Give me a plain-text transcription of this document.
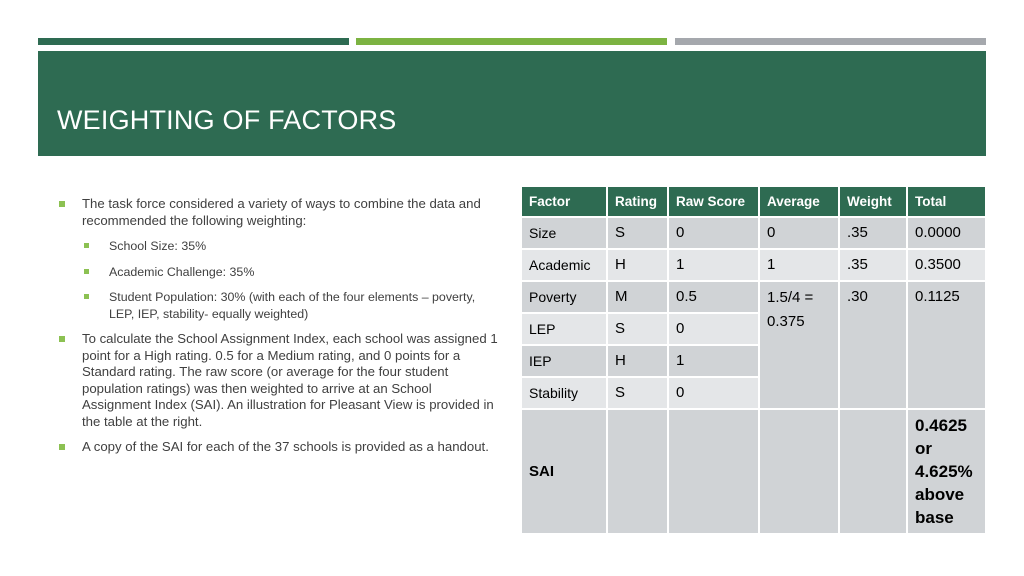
WEIGHTING OF FACTORS
The task force considered a variety of ways to combine the data and recommended the following weighting:
School Size: 35%
Academic Challenge: 35%
Student Population: 30% (with each of the four elements – poverty, LEP, IEP, stability- equally weighted)
To calculate the School Assignment Index, each school was assigned 1 point for a High rating. 0.5 for a Medium rating, and 0 points for a Standard rating. The raw score (or average for the four student population ratings) was then weighted to arrive at an School Assignment Index (SAI). An illustration for Pleasant View is provided in the table at the right.
A copy of the SAI for each of the 37 schools is provided as a handout.
Factor	Rating	Raw Score	Average	Weight	Total
Size	S	0	0	.35	0.0000
Academic	H	1	1	.35	0.3500
Poverty	M	0.5	1.5/4 = 0.375	.30	0.1125
LEP	S	0			
IEP	H	1			
Stability	S	0			
SAI					0.4625 or 4.625% above base
